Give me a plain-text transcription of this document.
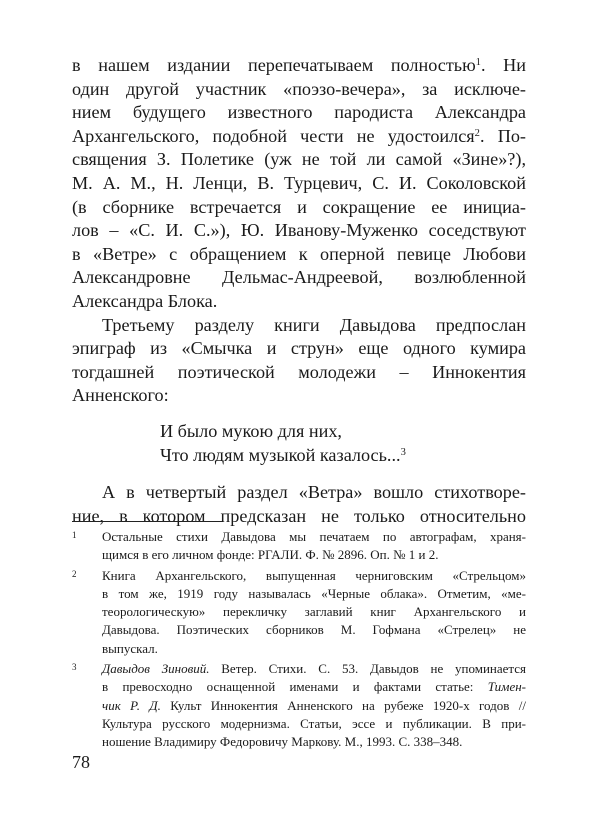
в нашем издании перепечатываем полностью$^1$. Ни
один другой участник «поэзо-вечера», за исключе-
нием будущего известного пародиста Александра
Архангельского, подобной чести не удостоился$^2$. По-
священия З. Полетике (уж не той ли самой «Зине»?),
М. А. М., Н. Ленци, В. Турцевич, С. И. Соколовской
(в сборнике встречается и сокращение ее инициа-
лов – «С. И. С.»), Ю. Иванову-Муженко соседствуют
в «Ветре» с обращением к оперной певице Любови
Александровне Дельмас-Андреевой, возлюбленной
Александра Блока.
Третьему разделу книги Давыдова предпослан
эпиграф из «Смычка и струн» еще одного кумира
тогдашней поэтической молодежи – Иннокентия
Анненского:
И было мукою для них,
Что людям музыкой казалось...$^3$
А в четвертый раздел «Ветра» вошло стихотворе-
ние, в котором предсказан не только относительно
1 Остальные стихи Давыдова мы печатаем по автографам, храня-
щимся в его личном фонде: РГАЛИ. Ф. № 2896. Оп. № 1 и 2.
2 Книга Архангельского, выпущенная черниговским «Стрельцом»
в том же, 1919 году называлась «Черные облака». Отметим, «ме-
теорологическую» перекличку заглавий книг Архангельского и
Давыдова. Поэтических сборников М. Гофмана «Стрелец» не
выпускал.
3 Давыдов Зиновий. Ветер. Стихи. С. 53. Давыдов не упоминается
в превосходно оснащенной именами и фактами статье: Тимен-
чик Р. Д. Культ Иннокентия Анненского на рубеже 1920-х годов //
Культура русского модернизма. Статьи, эссе и публикации. В при-
ношение Владимиру Федоровичу Маркову. М., 1993. С. 338–348.
78
